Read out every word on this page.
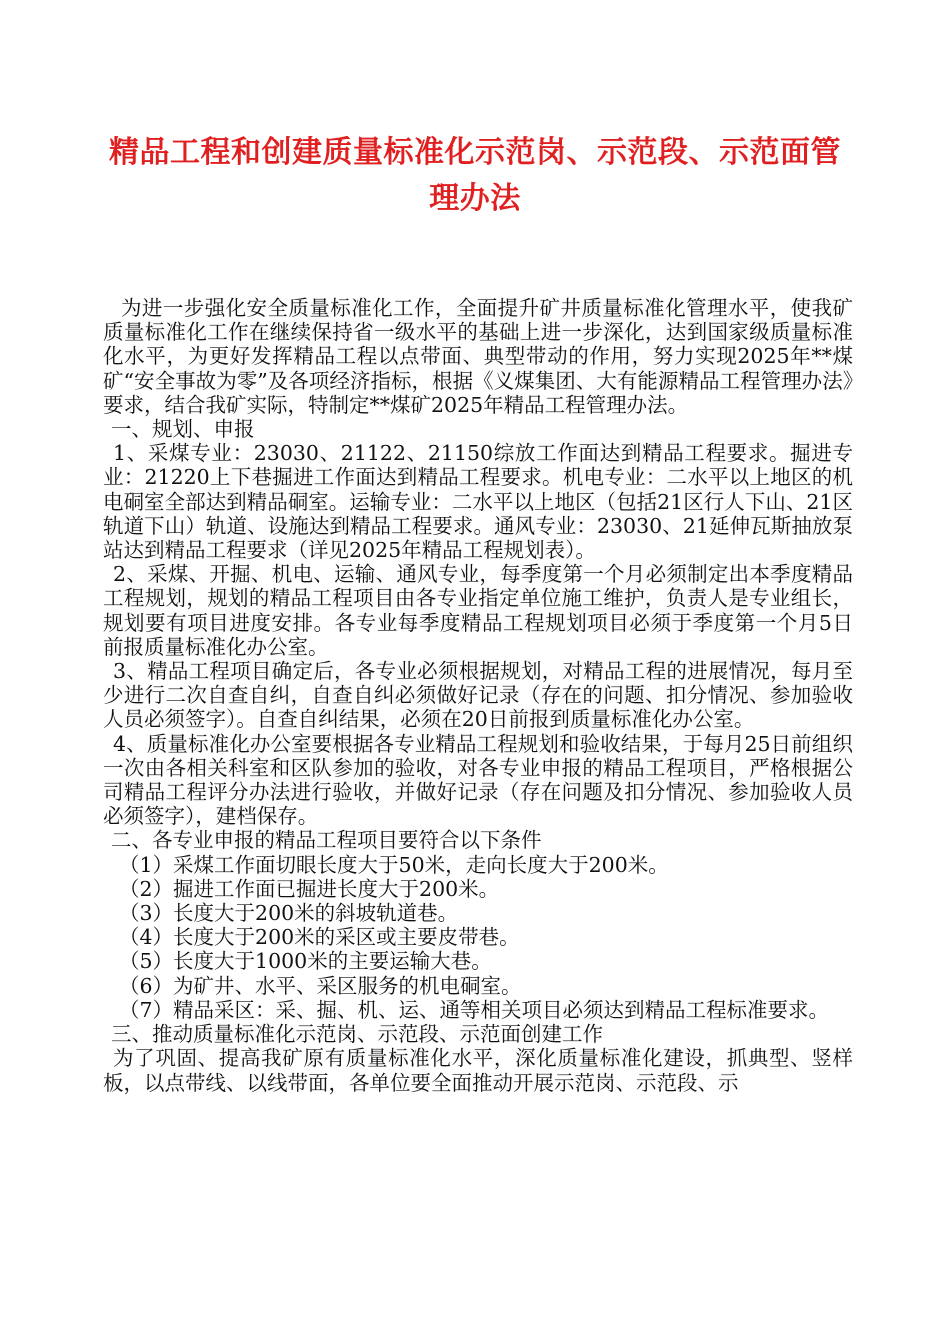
精品工程和创建质量标准化示范岗、示范段、示范面管理办法

为进一步强化安全质量标准化工作，全面提升矿井质量标准化管理水平，使我矿质量标准化工作在继续保持省一级水平的基础上进一步深化，达到国家级质量标准化水平，为更好发挥精品工程以点带面、典型带动的作用，努力实现2025年**煤矿“安全事故为零”及各项经济指标，根据《义煤集团、大有能源精品工程管理办法》要求，结合我矿实际，特制定**煤矿2025年精品工程管理办法。

一、规划、申报

1、采煤专业：23030、21122、21150综放工作面达到精品工程要求。掘进专业：21220上下巷掘进工作面达到精品工程要求。机电专业：二水平以上地区的机电硐室全部达到精品硐室。运输专业：二水平以上地区（包括21区行人下山、21区轨道下山）轨道、设施达到精品工程要求。通风专业：23030、21延伸瓦斯抽放泵站达到精品工程要求（详见2025年精品工程规划表）。

2、采煤、开掘、机电、运输、通风专业，每季度第一个月必须制定出本季度精品工程规划，规划的精品工程项目由各专业指定单位施工维护，负责人是专业组长，规划要有项目进度安排。各专业每季度精品工程规划项目必须于季度第一个月5日前报质量标准化办公室。

3、精品工程项目确定后，各专业必须根据规划，对精品工程的进展情况，每月至少进行二次自查自纠，自查自纠必须做好记录（存在的问题、扣分情况、参加验收人员必须签字）。自查自纠结果，必须在20日前报到质量标准化办公室。

4、质量标准化办公室要根据各专业精品工程规划和验收结果，于每月25日前组织一次由各相关科室和区队参加的验收，对各专业申报的精品工程项目，严格根据公司精品工程评分办法进行验收，并做好记录（存在问题及扣分情况、参加验收人员必须签字），建档保存。

二、各专业申报的精品工程项目要符合以下条件

（1）采煤工作面切眼长度大于50米，走向长度大于200米。

（2）掘进工作面已掘进长度大于200米。

（3）长度大于200米的斜坡轨道巷。

（4）长度大于200米的采区或主要皮带巷。

（5）长度大于1000米的主要运输大巷。

（6）为矿井、水平、采区服务的机电硐室。

（7）精品采区：采、掘、机、运、通等相关项目必须达到精品工程标准要求。

三、推动质量标准化示范岗、示范段、示范面创建工作

为了巩固、提高我矿原有质量标准化水平，深化质量标准化建设，抓典型、竖样板，以点带线、以线带面，各单位要全面推动开展示范岗、示范段、示
